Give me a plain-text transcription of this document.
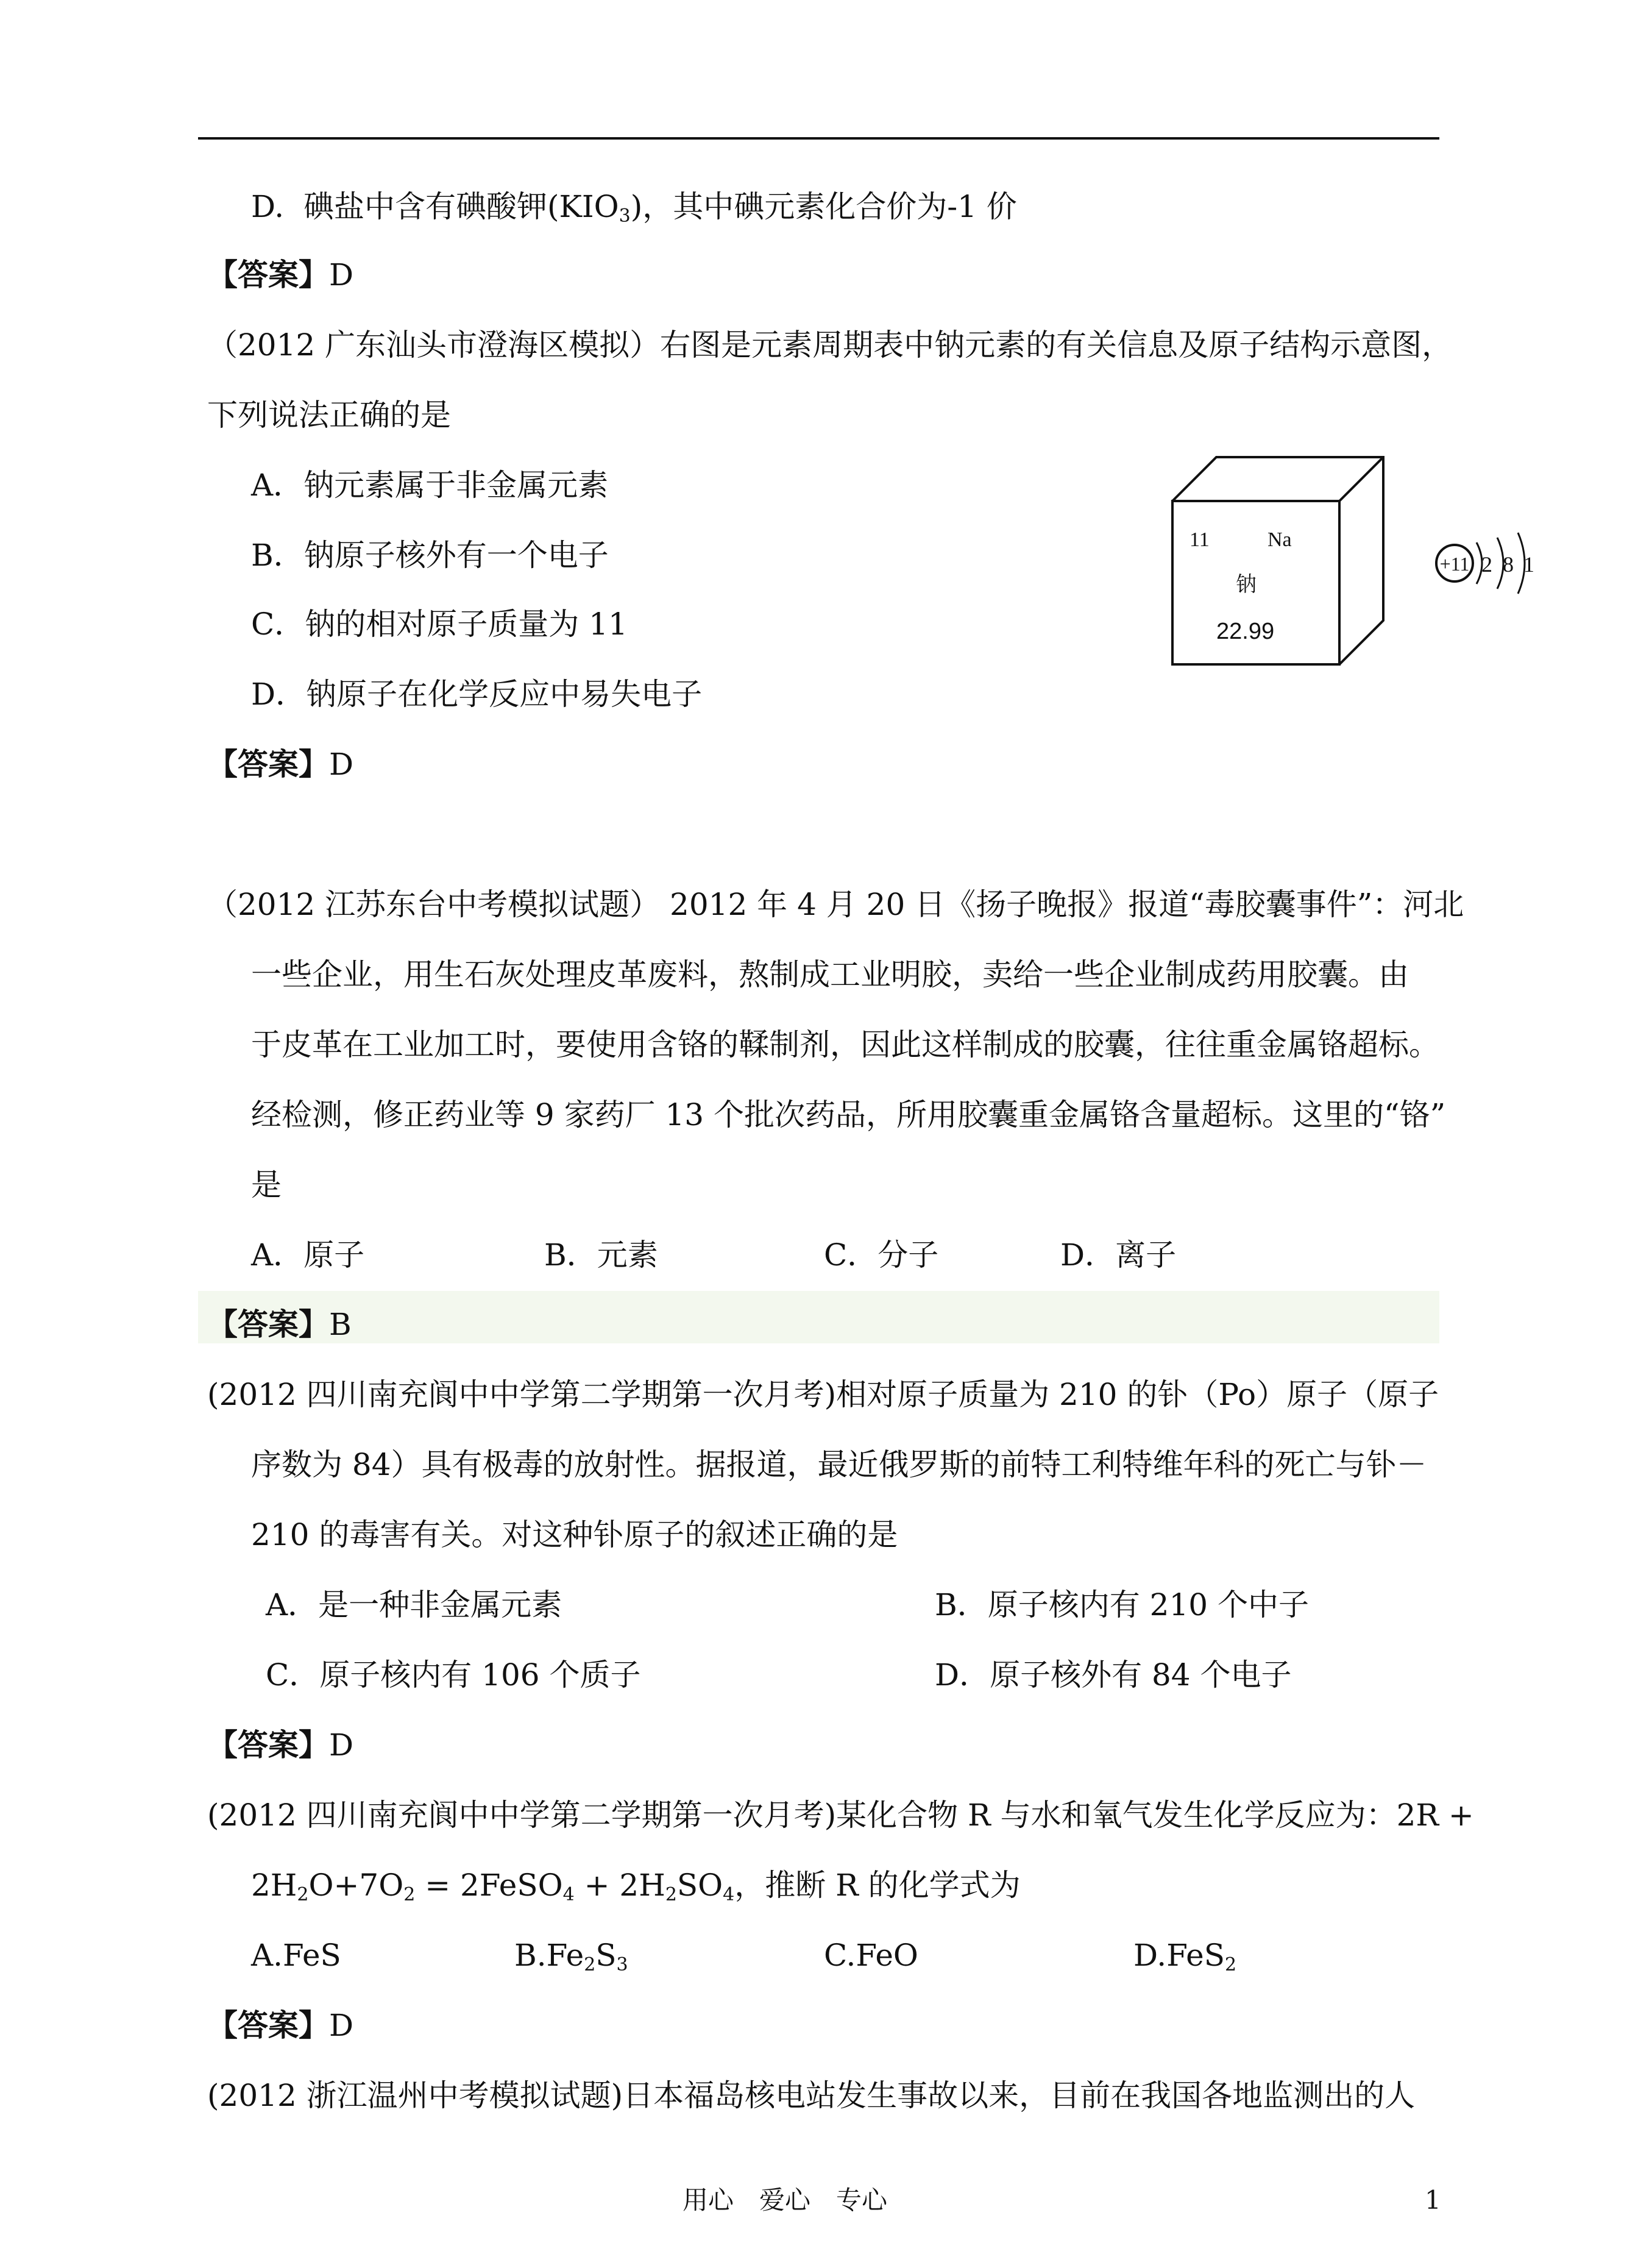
D. 碘盐中含有碘酸钾$(KIO_3)$，其中碘元素化合价为-1 价
【答案】D
（2012 广东汕头市澄海区模拟）右图是元素周期表中钠元素的有关信息及原子结构示意图，
下列说法正确的是
A．钠元素属于非金属元素
B．钠原子核外有一个电子
C．钠的相对原子质量为 11
D．钠原子在化学反应中易失电子
【答案】D
11	Na
钠
22.99
+11 2 8 1
（2012 江苏东台中考模拟试题） 2012 年 4 月 20 日《扬子晚报》报道“毒胶囊事件”：河北
一些企业，用生石灰处理皮革废料，熬制成工业明胶，卖给一些企业制成药用胶囊。由
于皮革在工业加工时，要使用含铬的鞣制剂，因此这样制成的胶囊，往往重金属铬超标。
经检测，修正药业等 9 家药厂 13 个批次药品，所用胶囊重金属铬含量超标。这里的“铬”
是
A．原子	B．元素	C．分子	D．离子
【答案】B
(2012 四川南充阆中中学第二学期第一次月考)相对原子质量为 210 的钋（Po）原子（原子
序数为 84）具有极毒的放射性。据报道，最近俄罗斯的前特工利特维年科的死亡与钋－
210 的毒害有关。对这种钋原子的叙述正确的是
A．是一种非金属元素	B．原子核内有 210 个中子
C．原子核内有 106 个质子	D．原子核外有 84 个电子
【答案】D
(2012 四川南充阆中中学第二学期第一次月考)某化合物 R 与水和氧气发生化学反应为：2R +
$2H_2O+7O_2$ = 2FeSO$_4$ + $2H_2SO_4$，推断 R 的化学式为
A.FeS	$B.Fe_2S_3$	C.FeO	D.FeS$_2$
【答案】D
(2012 浙江温州中考模拟试题)日本福岛核电站发生事故以来，目前在我国各地监测出的人
用心　爱心　专心	1
